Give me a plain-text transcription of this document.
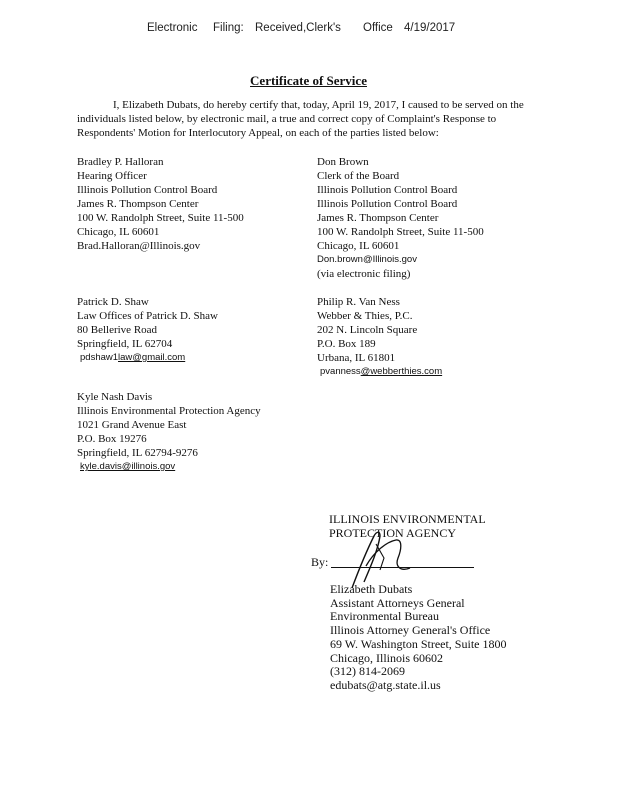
Electronic Filing: Received,Clerk's Office 4/19/2017
Certificate of Service

I, Elizabeth Dubats, do hereby certify that, today, April 19, 2017, I caused to be served on the individuals listed below, by electronic mail, a true and correct copy of Complaint's Response to Respondents' Motion for Interlocutory Appeal, on each of the parties listed below:

Bradley P. Halloran
Hearing Officer
Illinois Pollution Control Board
James R. Thompson Center
100 W. Randolph Street, Suite 11-500
Chicago, IL 60601
Brad.Halloran@Illinois.gov
Don Brown
Clerk of the Board
Illinois Pollution Control Board
Illinois Pollution Control Board
James R. Thompson Center
100 W. Randolph Street, Suite 11-500
Chicago, IL 60601
Don.brown@Illinois.gov
(via electronic filing)
Patrick D. Shaw
Law Offices of Patrick D. Shaw
80 Bellerive Road
Springfield, IL 62704
pdshaw1law@gmail.com
Philip R. Van Ness
Webber & Thies, P.C.
202 N. Lincoln Square
P.O. Box 189
Urbana, IL 61801
pvanness@webberthies.com
Kyle Nash Davis
Illinois Environmental Protection Agency
1021 Grand Avenue East
P.O. Box 19276
Springfield, IL 62794-9276
kyle.davis@illinois.gov
ILLINOIS ENVIRONMENTAL
PROTECTION AGENCY
By:
Elizabeth Dubats
Assistant Attorneys General
Environmental Bureau
Illinois Attorney General's Office
69 W. Washington Street, Suite 1800
Chicago, Illinois 60602
(312) 814-2069
edubats@atg.state.il.us
